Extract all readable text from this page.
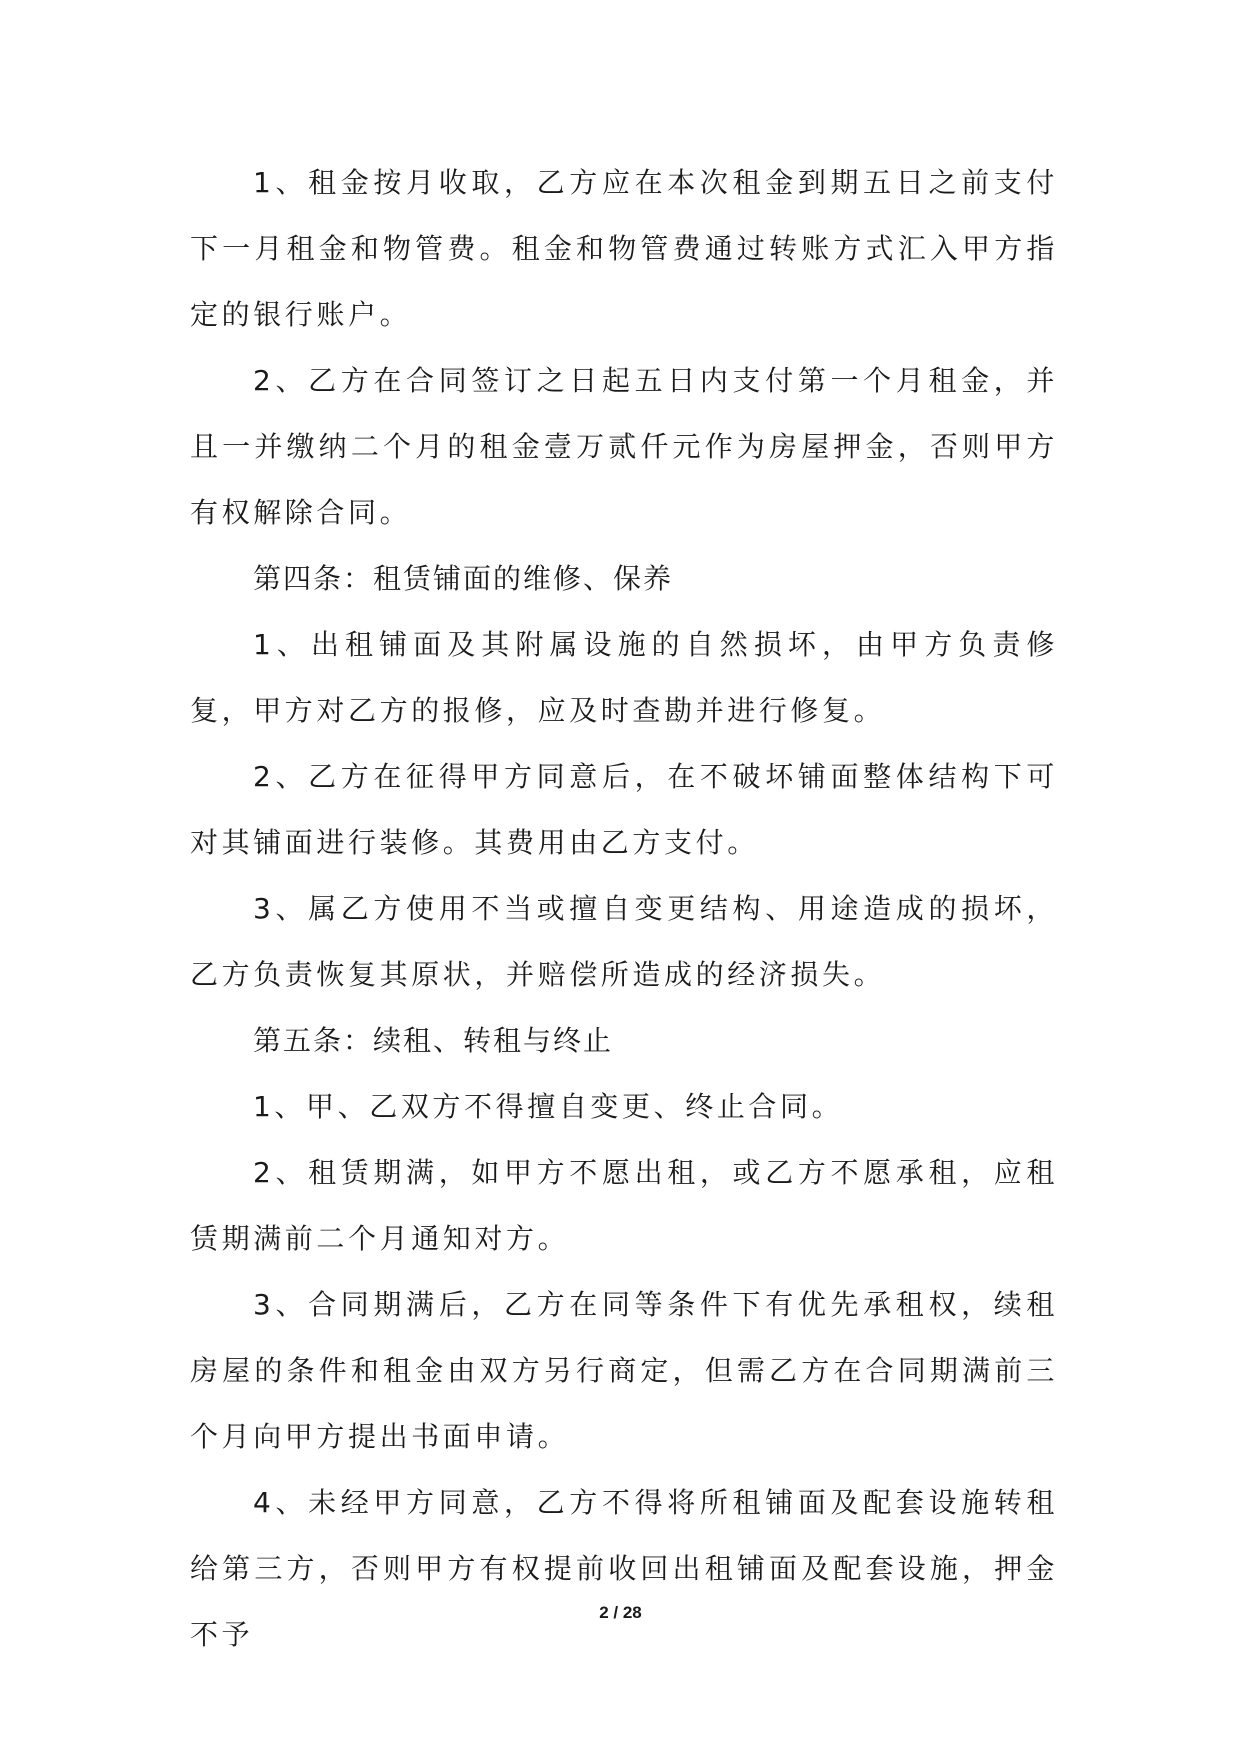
1、租金按月收取，乙方应在本次租金到期五日之前支付下一月租金和物管费。租金和物管费通过转账方式汇入甲方指定的银行账户。

2、乙方在合同签订之日起五日内支付第一个月租金，并且一并缴纳二个月的租金壹万贰仟元作为房屋押金，否则甲方有权解除合同。

第四条：租赁铺面的维修、保养

1、出租铺面及其附属设施的自然损坏，由甲方负责修复，甲方对乙方的报修，应及时查勘并进行修复。

2、乙方在征得甲方同意后，在不破坏铺面整体结构下可对其铺面进行装修。其费用由乙方支付。

3、属乙方使用不当或擅自变更结构、用途造成的损坏，乙方负责恢复其原状，并赔偿所造成的经济损失。

第五条：续租、转租与终止

1、甲、乙双方不得擅自变更、终止合同。

2、租赁期满，如甲方不愿出租，或乙方不愿承租，应租赁期满前二个月通知对方。

3、合同期满后，乙方在同等条件下有优先承租权，续租房屋的条件和租金由双方另行商定，但需乙方在合同期满前三个月向甲方提出书面申请。

4、未经甲方同意，乙方不得将所租铺面及配套设施转租给第三方，否则甲方有权提前收回出租铺面及配套设施，押金不予

2 / 28
